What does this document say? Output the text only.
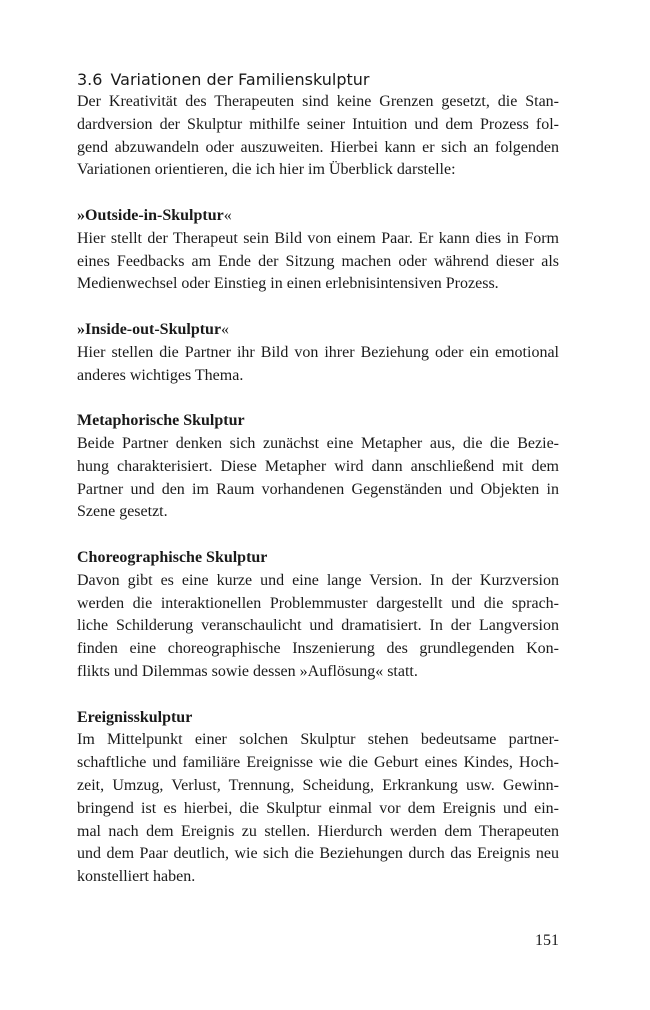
3.6 Variationen der Familienskulptur

Der Kreativität des Therapeuten sind keine Grenzen gesetzt, die Stan-
dardversion der Skulptur mithilfe seiner Intuition und dem Prozess fol-
gend abzuwandeln oder auszuweiten. Hierbei kann er sich an folgenden
Variationen orientieren, die ich hier im Überblick darstelle:

»Outside-in-Skulptur«

Hier stellt der Therapeut sein Bild von einem Paar. Er kann dies in Form
eines Feedbacks am Ende der Sitzung machen oder während dieser als
Medienwechsel oder Einstieg in einen erlebnisintensiven Prozess.

»Inside-out-Skulptur«

Hier stellen die Partner ihr Bild von ihrer Beziehung oder ein emotional
anderes wichtiges Thema.

Metaphorische Skulptur

Beide Partner denken sich zunächst eine Metapher aus, die die Bezie-
hung charakterisiert. Diese Metapher wird dann anschließend mit dem
Partner und den im Raum vorhandenen Gegenständen und Objekten in
Szene gesetzt.

Choreographische Skulptur

Davon gibt es eine kurze und eine lange Version. In der Kurzversion
werden die interaktionellen Problemmuster dargestellt und die sprach-
liche Schilderung veranschaulicht und dramatisiert. In der Langversion
finden eine choreographische Inszenierung des grundlegenden Kon-
flikts und Dilemmas sowie dessen »Auflösung« statt.

Ereignisskulptur

Im Mittelpunkt einer solchen Skulptur stehen bedeutsame partner-
schaftliche und familiäre Ereignisse wie die Geburt eines Kindes, Hoch-
zeit, Umzug, Verlust, Trennung, Scheidung, Erkrankung usw. Gewinn-
bringend ist es hierbei, die Skulptur einmal vor dem Ereignis und ein-
mal nach dem Ereignis zu stellen. Hierdurch werden dem Therapeuten
und dem Paar deutlich, wie sich die Beziehungen durch das Ereignis neu
konstelliert haben.

151
